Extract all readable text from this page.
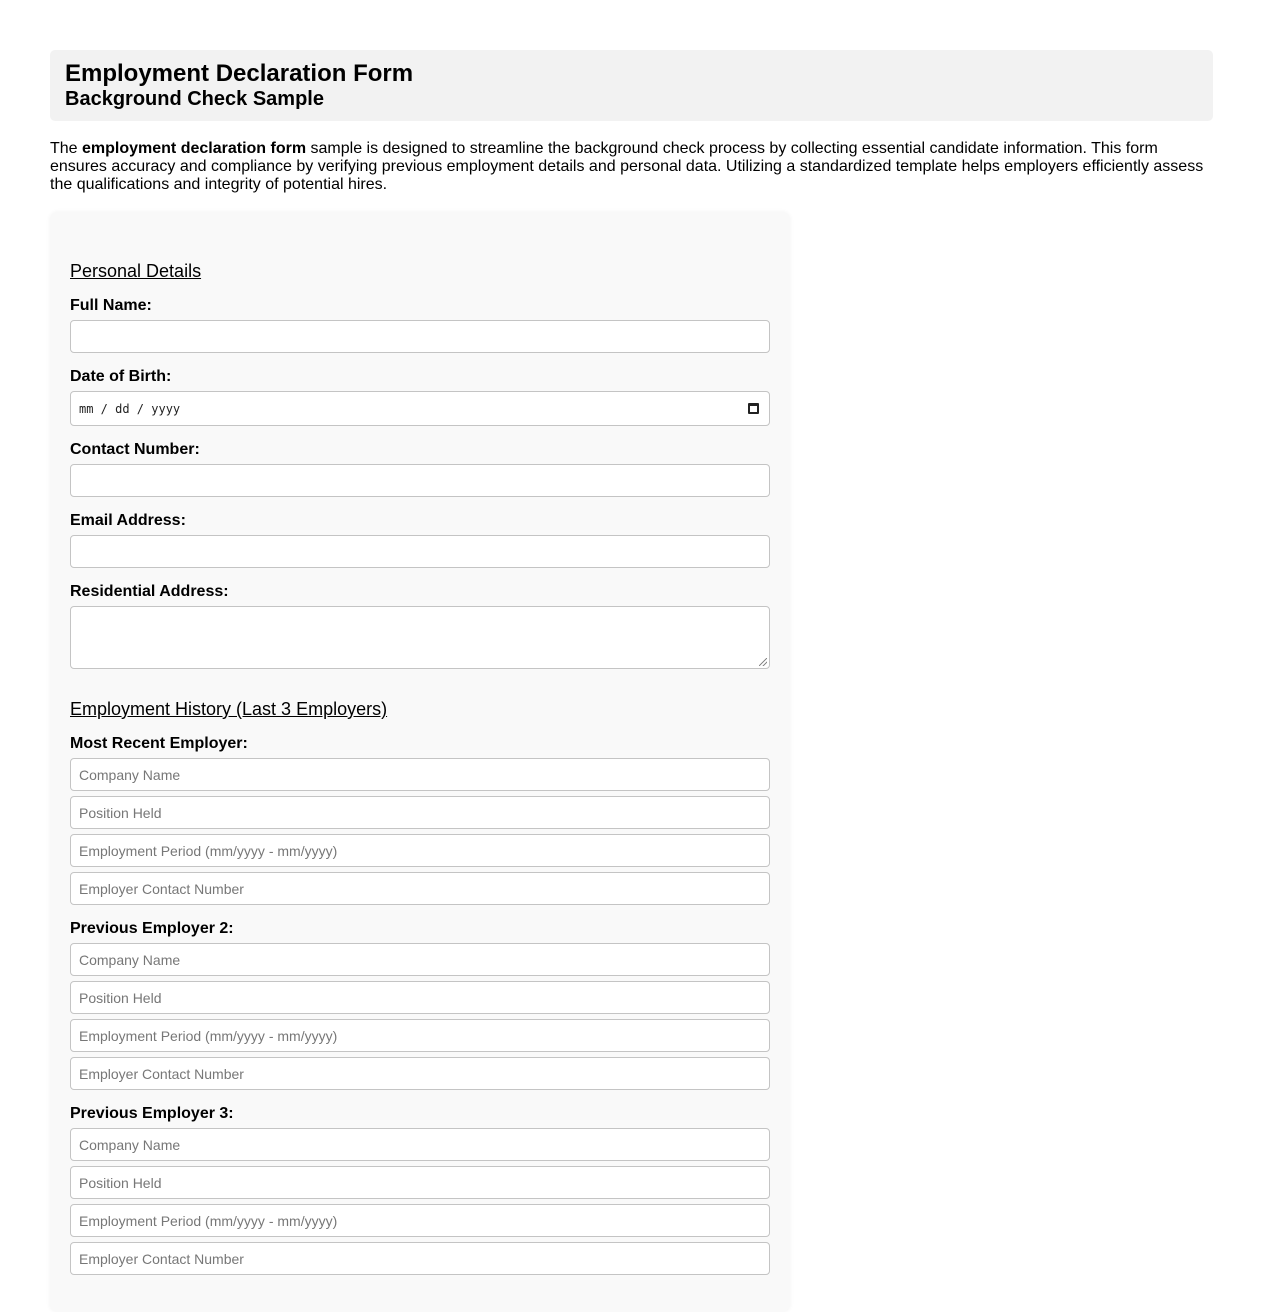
Employment Declaration Form
Background Check Sample

The employment declaration form sample is designed to streamline the background check process by collecting essential candidate information. This form ensures accuracy and compliance by verifying previous employment details and personal data. Utilizing a standardized template helps employers efficiently assess the qualifications and integrity of potential hires.

Personal Details
Full Name:
Date of Birth:
mm / dd / yyyy
Contact Number:
Email Address:
Residential Address:
Employment History (Last 3 Employers)
Most Recent Employer:
Company Name
Position Held
Employment Period (mm/yyyy - mm/yyyy)
Employer Contact Number
Previous Employer 2:
Company Name
Position Held
Employment Period (mm/yyyy - mm/yyyy)
Employer Contact Number
Previous Employer 3:
Company Name
Position Held
Employment Period (mm/yyyy - mm/yyyy)
Employer Contact Number
